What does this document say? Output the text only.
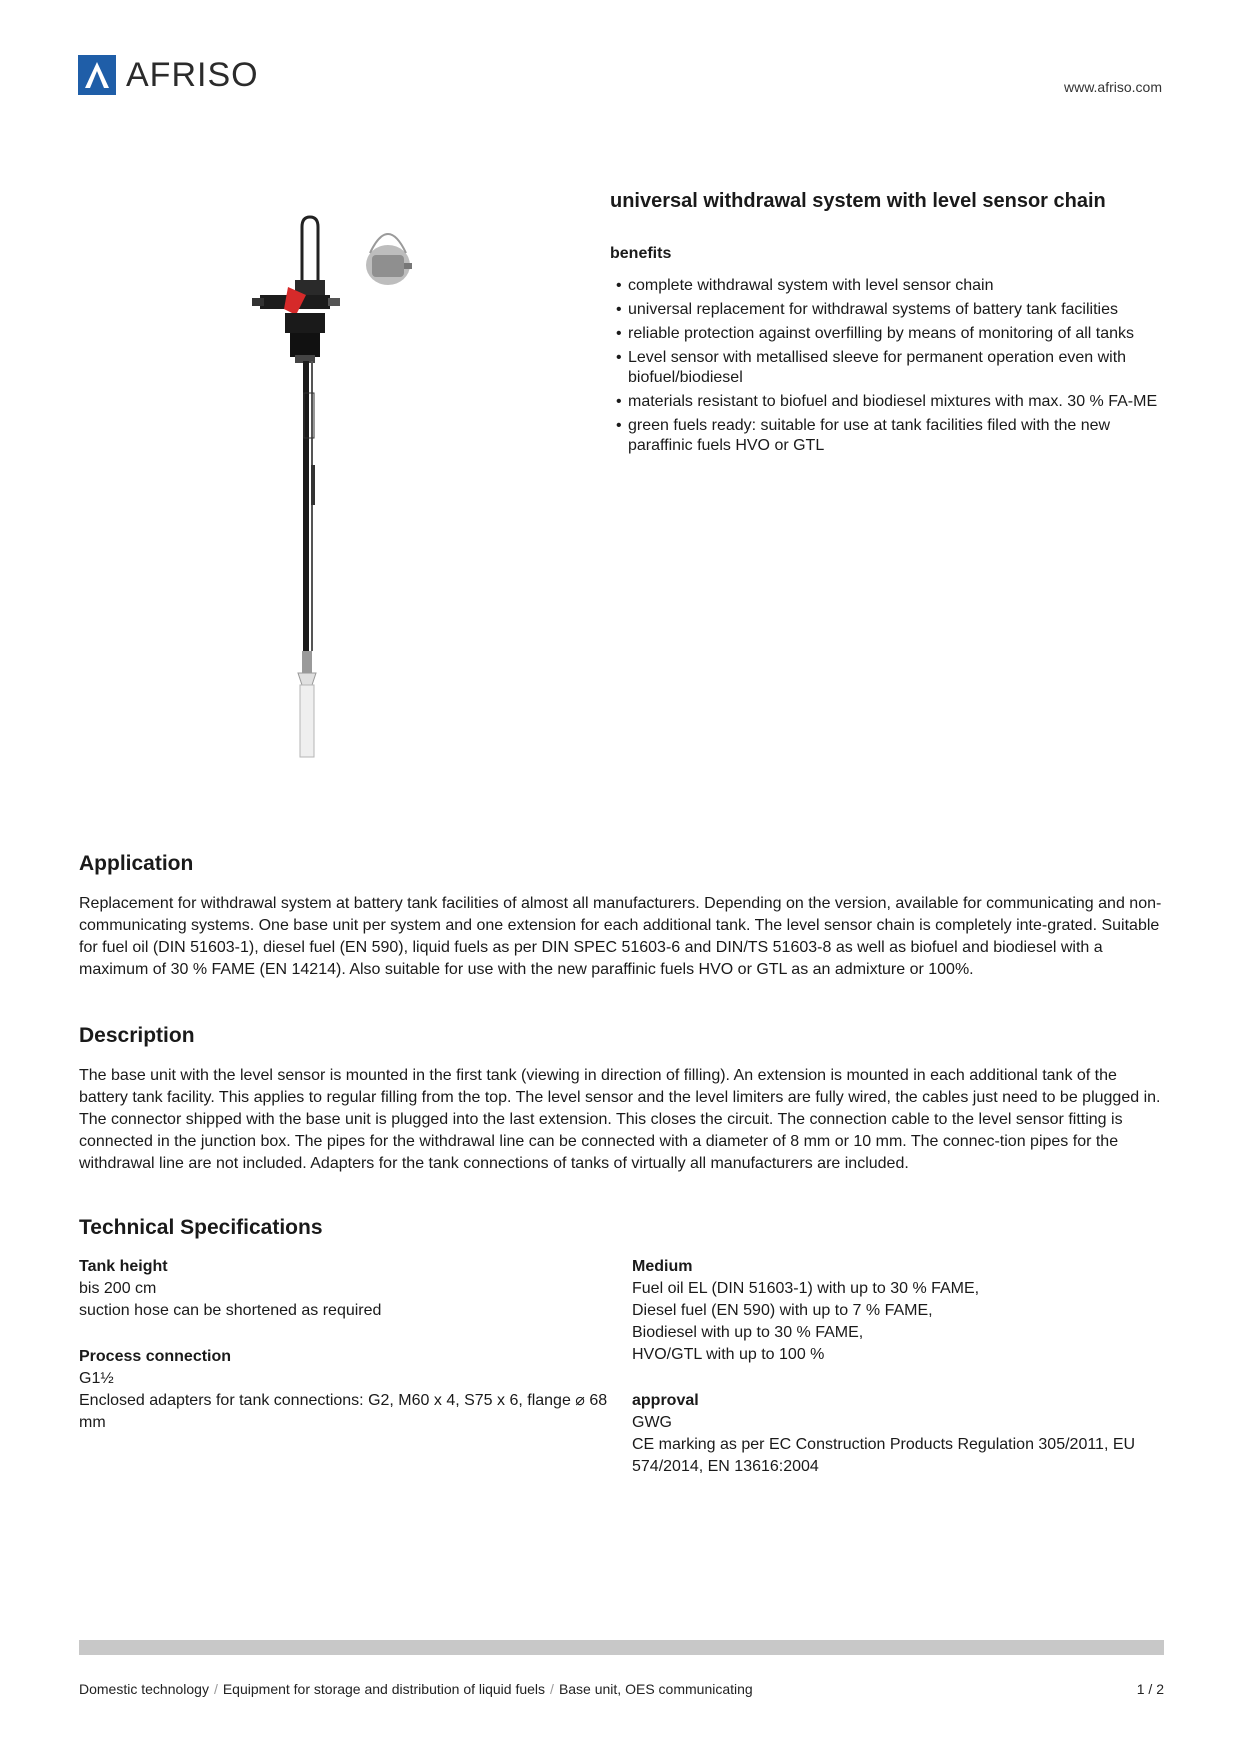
AFRISO	www.afriso.com
universal withdrawal system with level sensor chain
benefits
• complete withdrawal system with level sensor chain
• universal replacement for withdrawal systems of battery tank facilities
• reliable protection against overfilling by means of monitoring of all tanks
• Level sensor with metallised sleeve for permanent operation even with biofuel/biodiesel
• materials resistant to biofuel and biodiesel mixtures with max. 30 % FA-ME
• green fuels ready: suitable for use at tank facilities filed with the new paraffinic fuels HVO or GTL
Application

Replacement for withdrawal system at battery tank facilities of almost all manufacturers. Depending on the version, available for communicating and non-communicating systems. One base unit per system and one extension for each additional tank. The level sensor chain is completely inte-grated. Suitable for fuel oil (DIN 51603-1), diesel fuel (EN 590), liquid fuels as per DIN SPEC 51603-6 and DIN/TS 51603-8 as well as biofuel and biodiesel with a maximum of 30 % FAME (EN 14214). Also suitable for use with the new paraffinic fuels HVO or GTL as an admixture or 100%.

Description

The base unit with the level sensor is mounted in the first tank (viewing in direction of filling). An extension is mounted in each additional tank of the battery tank facility. This applies to regular filling from the top. The level sensor and the level limiters are fully wired, the cables just need to be plugged in. The connector shipped with the base unit is plugged into the last extension. This closes the circuit. The connection cable to the level sensor fitting is connected in the junction box. The pipes for the withdrawal line can be connected with a diameter of 8 mm or 10 mm. The connec-tion pipes for the withdrawal line are not included. Adapters for the tank connections of tanks of virtually all manufacturers are included.

Technical Specifications
Tank height
bis 200 cm
suction hose can be shortened as required
Process connection
G1½
Enclosed adapters for tank connections: G2, M60 x 4, S75 x 6, flange ⌀ 68 mm
Medium
Fuel oil EL (DIN 51603-1) with up to 30 % FAME,
Diesel fuel (EN 590) with up to 7 % FAME,
Biodiesel with up to 30 % FAME,
HVO/GTL with up to 100 %
approval
GWG
CE marking as per EC Construction Products Regulation 305/2011, EU 574/2014, EN 13616:2004
Domestic technology / Equipment for storage and distribution of liquid fuels / Base unit, OES communicating	1 / 2
